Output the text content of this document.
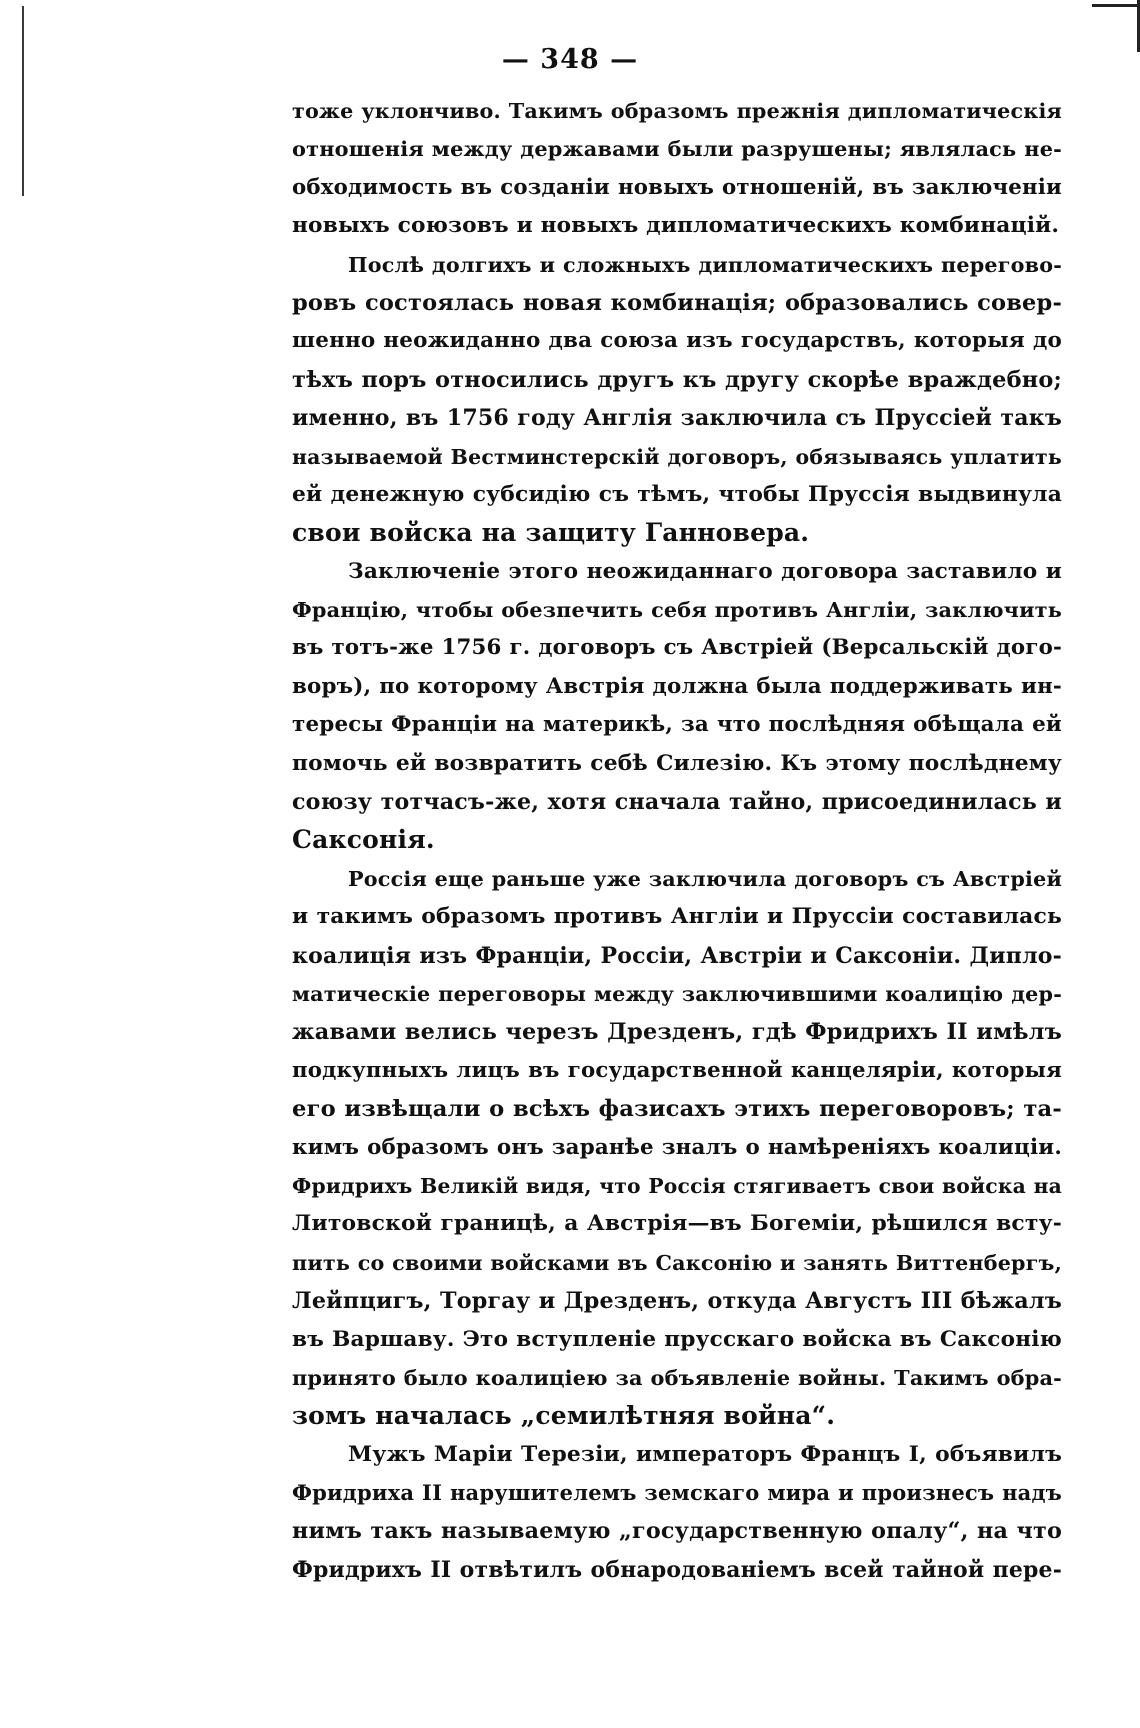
— 348 —
тоже уклончиво. Такимъ образомъ прежнія дипломатическія
отношенія между державами были разрушены; являлась не-
обходимость въ созданіи новыхъ отношеній, въ заключеніи
новыхъ союзовъ и новыхъ дипломатическихъ комбинацій.
Послѣ долгихъ и сложныхъ дипломатическихъ перегово-
ровъ состоялась новая комбинація; образовались совер-
шенно неожиданно два союза изъ государствъ, которыя до
тѣхъ поръ относились другъ къ другу скорѣе враждебно;
именно, въ 1756 году Англія заключила съ Пруссіей такъ
называемой Вестминстерскій договоръ, обязываясь уплатить
ей денежную субсидію съ тѣмъ, чтобы Пруссія выдвинула
свои войска на защиту Ганновера.
Заключеніе этого неожиданнаго договора заставило и
Францію, чтобы обезпечить себя противъ Англіи, заключить
въ тотъ-же 1756 г. договоръ съ Австріей (Версальскій дого-
воръ), по которому Австрія должна была поддерживать ин-
тересы Франціи на материкѣ, за что послѣдняя обѣщала ей
помочь ей возвратить себѣ Силезію. Къ этому послѣднему
союзу тотчасъ-же, хотя сначала тайно, присоединилась и
Саксонія.
Россія еще раньше уже заключила договоръ съ Австріей
и такимъ образомъ противъ Англіи и Пруссіи составилась
коалиція изъ Франціи, Россіи, Австріи и Саксоніи. Дипло-
матическіе переговоры между заключившими коалицію дер-
жавами велись черезъ Дрезденъ, гдѣ Фридрихъ II имѣлъ
подкупныхъ лицъ въ государственной канцеляріи, которыя
его извѣщали о всѣхъ фазисахъ этихъ переговоровъ; та-
кимъ образомъ онъ заранѣе зналъ о намѣреніяхъ коалиціи.
Фридрихъ Великій видя, что Россія стягиваетъ свои войска на
Литовской границѣ, а Австрія—въ Богеміи, рѣшился всту-
пить со своими войсками въ Саксонію и занять Виттенбергъ,
Лейпцигъ, Торгау и Дрезденъ, откуда Августъ III бѣжалъ
въ Варшаву. Это вступленіе прусскаго войска въ Саксонію
принято было коалиціею за объявленіе войны. Такимъ обра-
зомъ началась „семилѣтняя война“.
Мужъ Маріи Терезіи, императоръ Францъ I, объявилъ
Фридриха II нарушителемъ земскаго мира и произнесъ надъ
нимъ такъ называемую „государственную опалу“, на что
Фридрихъ II отвѣтилъ обнародованіемъ всей тайной пере-
